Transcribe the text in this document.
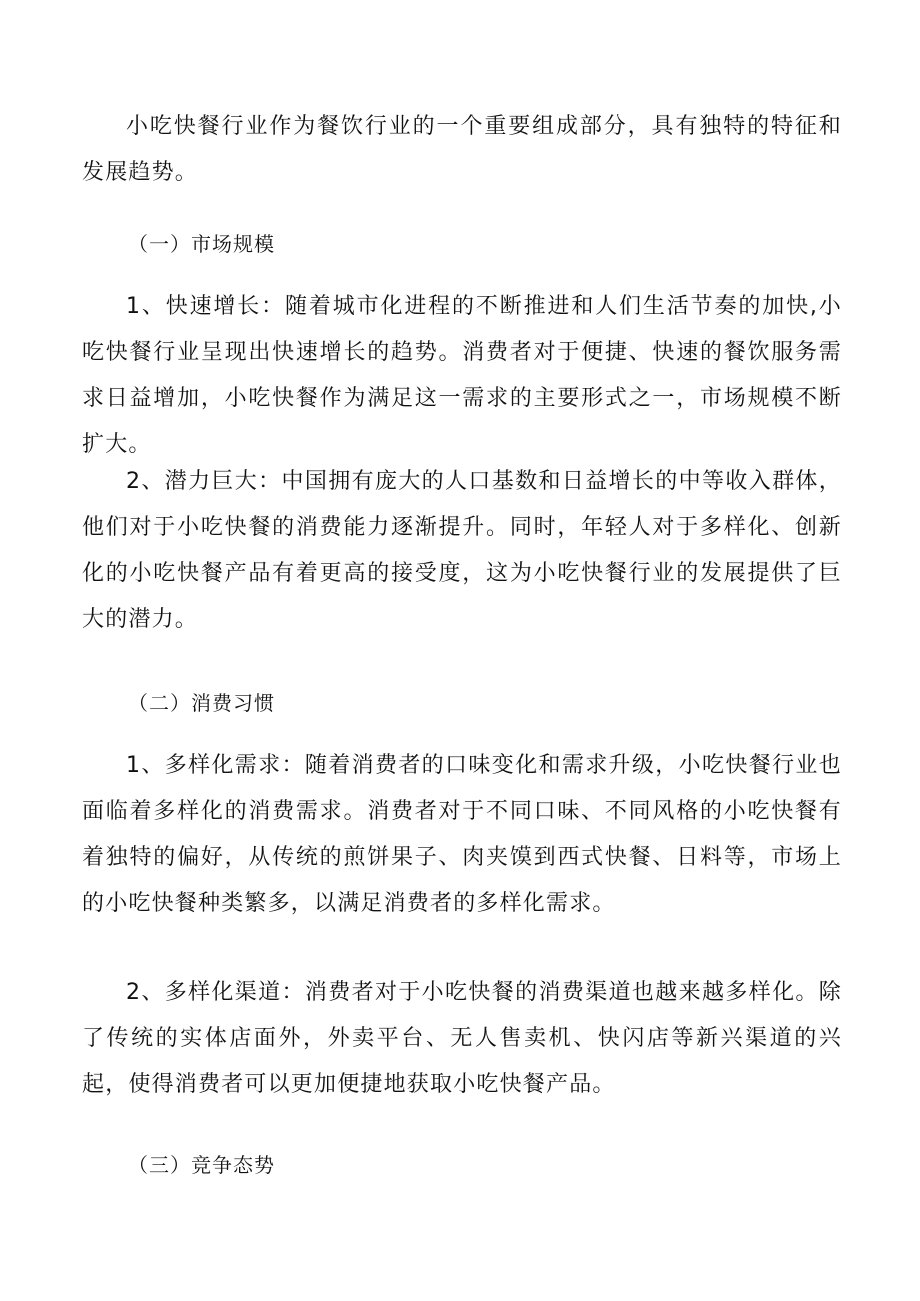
小吃快餐行业作为餐饮行业的一个重要组成部分，具有独特的特征和发展趋势。

（一）市场规模

1、快速增长：随着城市化进程的不断推进和人们生活节奏的加快,小吃快餐行业呈现出快速增长的趋势。消费者对于便捷、快速的餐饮服务需求日益增加，小吃快餐作为满足这一需求的主要形式之一，市场规模不断扩大。

2、潜力巨大：中国拥有庞大的人口基数和日益增长的中等收入群体，他们对于小吃快餐的消费能力逐渐提升。同时，年轻人对于多样化、创新化的小吃快餐产品有着更高的接受度，这为小吃快餐行业的发展提供了巨大的潜力。

（二）消费习惯

1、多样化需求：随着消费者的口味变化和需求升级，小吃快餐行业也面临着多样化的消费需求。消费者对于不同口味、不同风格的小吃快餐有着独特的偏好，从传统的煎饼果子、肉夹馍到西式快餐、日料等，市场上的小吃快餐种类繁多，以满足消费者的多样化需求。

2、多样化渠道：消费者对于小吃快餐的消费渠道也越来越多样化。除了传统的实体店面外，外卖平台、无人售卖机、快闪店等新兴渠道的兴起，使得消费者可以更加便捷地获取小吃快餐产品。

（三）竞争态势
